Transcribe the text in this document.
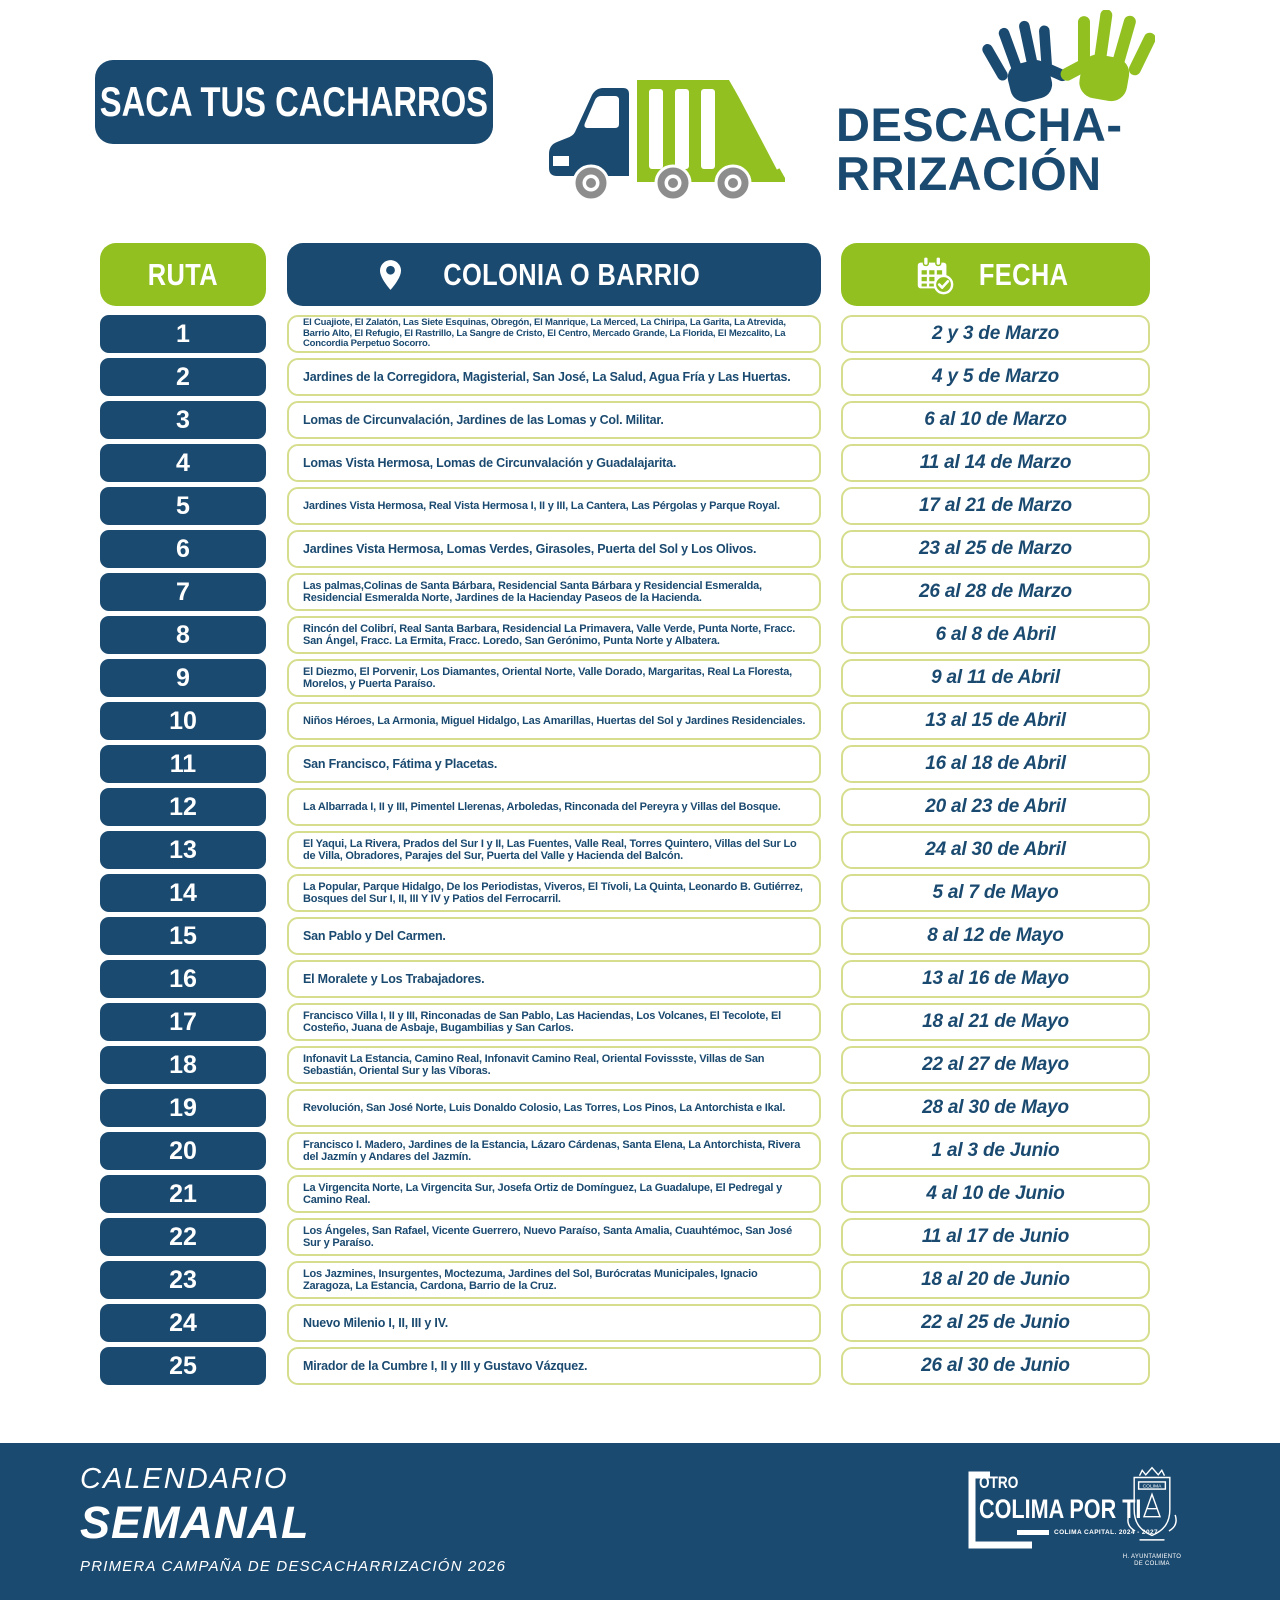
SACA TUS CACHARROS	DESCACHA-
RRIZACIÓN
RUTA	COLONIA O BARRIO	FECHA
1	El Cuajiote, El Zalatón, Las Siete Esquinas, Obregón, El Manrique, La Merced, La Chiripa, La Garita, La Atrevida, Barrio Alto, El Refugio, El Rastrillo, La Sangre de Cristo, El Centro, Mercado Grande, La Florida, El Mezcalito, La Concordia Perpetuo Socorro.	2 y 3 de Marzo
2	Jardines de la Corregidora, Magisterial, San José, La Salud, Agua Fría y Las Huertas.	4 y 5 de Marzo
3	Lomas de Circunvalación, Jardines de las Lomas y Col. Militar.	6 al 10 de Marzo
4	Lomas Vista Hermosa, Lomas de Circunvalación y Guadalajarita.	11 al 14 de Marzo
5	Jardines Vista Hermosa, Real Vista Hermosa I, II y III, La Cantera, Las Pérgolas y Parque Royal.	17 al 21 de Marzo
6	Jardines Vista Hermosa, Lomas Verdes, Girasoles, Puerta del Sol y Los Olivos.	23 al 25 de Marzo
7	Las palmas,Colinas de Santa Bárbara, Residencial Santa Bárbara y Residencial Esmeralda, Residencial Esmeralda Norte, Jardines de la Hacienday Paseos de la Hacienda.	26 al 28 de Marzo
8	Rincón del Colibrí, Real Santa Barbara, Residencial La Primavera, Valle Verde, Punta Norte, Fracc. San Ángel, Fracc. La Ermita, Fracc. Loredo, San Gerónimo, Punta Norte y Albatera.	6 al 8 de Abril
9	El Diezmo, El Porvenir, Los Diamantes, Oriental Norte, Valle Dorado, Margaritas, Real La Floresta, Morelos, y Puerta Paraíso.	9 al 11 de Abril
10	Niños Héroes, La Armonia, Miguel Hidalgo, Las Amarillas, Huertas del Sol y Jardines Residenciales.	13 al 15 de Abril
11	San Francisco, Fátima y Placetas.	16 al 18 de Abril
12	La Albarrada I, II y III, Pimentel Llerenas, Arboledas, Rinconada del Pereyra y Villas del Bosque.	20 al 23 de Abril
13	El Yaqui, La Rivera, Prados del Sur I y II, Las Fuentes, Valle Real, Torres Quintero, Villas del Sur Lo de Villa, Obradores, Parajes del Sur, Puerta del Valle y Hacienda del Balcón.	24 al 30 de Abril
14	La Popular, Parque Hidalgo, De los Periodistas, Viveros, El Tívoli, La Quinta, Leonardo B. Gutiérrez, Bosques del Sur I, II, III Y IV y Patios del Ferrocarril.	5 al 7 de Mayo
15	San Pablo y Del Carmen.	8 al 12 de Mayo
16	El Moralete y Los Trabajadores.	13 al 16 de Mayo
17	Francisco Villa I, II y III, Rinconadas de San Pablo, Las Haciendas, Los Volcanes, El Tecolote, El Costeño, Juana de Asbaje, Bugambilias y San Carlos.	18 al 21 de Mayo
18	Infonavit La Estancia, Camino Real, Infonavit Camino Real, Oriental Fovissste, Villas de San Sebastián, Oriental Sur y las Víboras.	22 al 27 de Mayo
19	Revolución, San José Norte, Luis Donaldo Colosio, Las Torres, Los Pinos, La Antorchista e Ikal.	28 al 30 de Mayo
20	Francisco I. Madero, Jardines de la Estancia, Lázaro Cárdenas, Santa Elena, La Antorchista, Rivera del Jazmín y Andares del Jazmín.	1 al 3 de Junio
21	La Virgencita Norte, La Virgencita Sur, Josefa Ortiz de Domínguez, La Guadalupe, El Pedregal y Camino Real.	4 al 10 de Junio
22	Los Ángeles, San Rafael, Vicente Guerrero, Nuevo Paraíso, Santa Amalia, Cuauhtémoc, San José Sur y Paraíso.	11 al 17 de Junio
23	Los Jazmines, Insurgentes, Moctezuma, Jardines del Sol, Burócratas Municipales, Ignacio Zaragoza, La Estancia, Cardona, Barrio de la Cruz.	18 al 20 de Junio
24	Nuevo Milenio I, II, III y IV.	22 al 25 de Junio
25	Mirador de la Cumbre I, II y III y Gustavo Vázquez.	26 al 30 de Junio
CALENDARIO
SEMANAL
PRIMERA CAMPAÑA DE DESCACHARRIZACIÓN 2026
OTRO
COLIMA POR TI
COLIMA CAPITAL. 2024 - 2027
COLIMA
H. AYUNTAMIENTO
DE COLIMA
